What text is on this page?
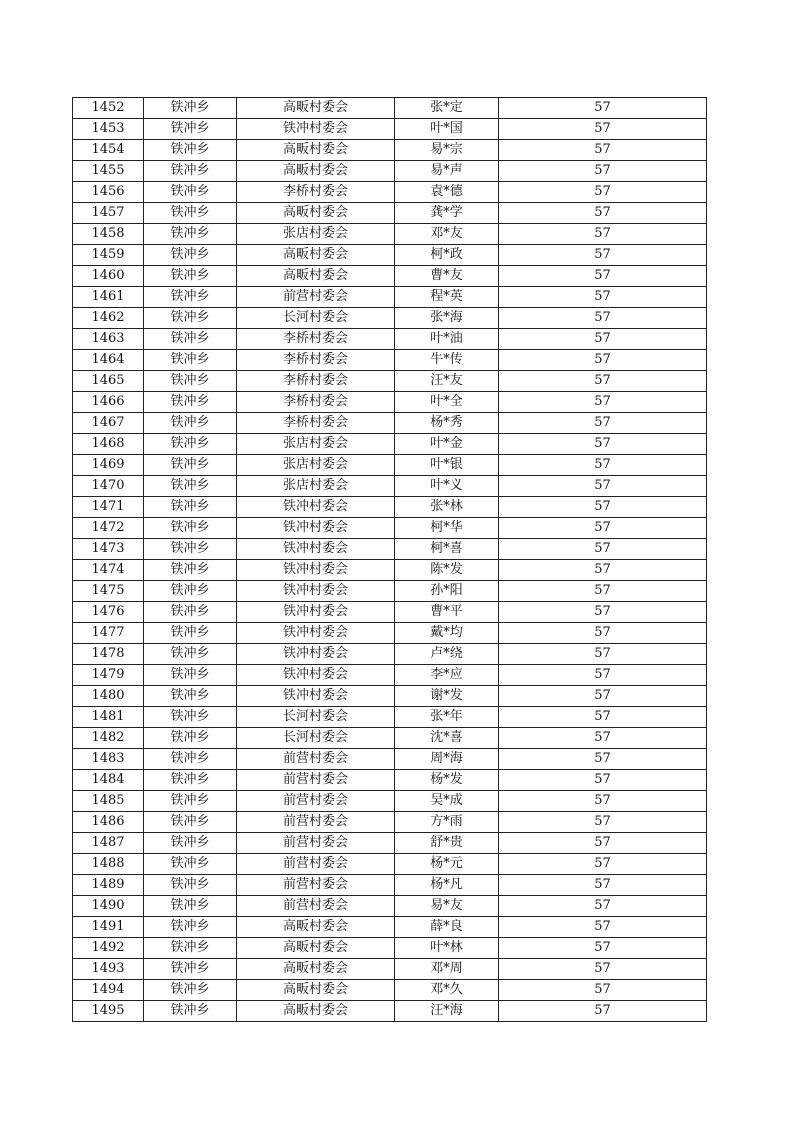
1452	铁冲乡	高畈村委会	张*定	57
1453	铁冲乡	铁冲村委会	叶*国	57
1454	铁冲乡	高畈村委会	易*宗	57
1455	铁冲乡	高畈村委会	易*声	57
1456	铁冲乡	李桥村委会	袁*德	57
1457	铁冲乡	高畈村委会	龚*学	57
1458	铁冲乡	张店村委会	邓*友	57
1459	铁冲乡	高畈村委会	柯*政	57
1460	铁冲乡	高畈村委会	曹*友	57
1461	铁冲乡	前营村委会	程*英	57
1462	铁冲乡	长河村委会	张*海	57
1463	铁冲乡	李桥村委会	叶*油	57
1464	铁冲乡	李桥村委会	牛*传	57
1465	铁冲乡	李桥村委会	汪*友	57
1466	铁冲乡	李桥村委会	叶*全	57
1467	铁冲乡	李桥村委会	杨*秀	57
1468	铁冲乡	张店村委会	叶*金	57
1469	铁冲乡	张店村委会	叶*银	57
1470	铁冲乡	张店村委会	叶*义	57
1471	铁冲乡	铁冲村委会	张*林	57
1472	铁冲乡	铁冲村委会	柯*华	57
1473	铁冲乡	铁冲村委会	柯*喜	57
1474	铁冲乡	铁冲村委会	陈*发	57
1475	铁冲乡	铁冲村委会	孙*阳	57
1476	铁冲乡	铁冲村委会	曹*平	57
1477	铁冲乡	铁冲村委会	戴*均	57
1478	铁冲乡	铁冲村委会	卢*绕	57
1479	铁冲乡	铁冲村委会	李*应	57
1480	铁冲乡	铁冲村委会	谢*发	57
1481	铁冲乡	长河村委会	张*年	57
1482	铁冲乡	长河村委会	沈*喜	57
1483	铁冲乡	前营村委会	周*海	57
1484	铁冲乡	前营村委会	杨*发	57
1485	铁冲乡	前营村委会	吴*成	57
1486	铁冲乡	前营村委会	方*雨	57
1487	铁冲乡	前营村委会	舒*贵	57
1488	铁冲乡	前营村委会	杨*元	57
1489	铁冲乡	前营村委会	杨*凡	57
1490	铁冲乡	前营村委会	易*友	57
1491	铁冲乡	高畈村委会	薛*良	57
1492	铁冲乡	高畈村委会	叶*林	57
1493	铁冲乡	高畈村委会	邓*周	57
1494	铁冲乡	高畈村委会	邓*久	57
1495	铁冲乡	高畈村委会	汪*海	57
